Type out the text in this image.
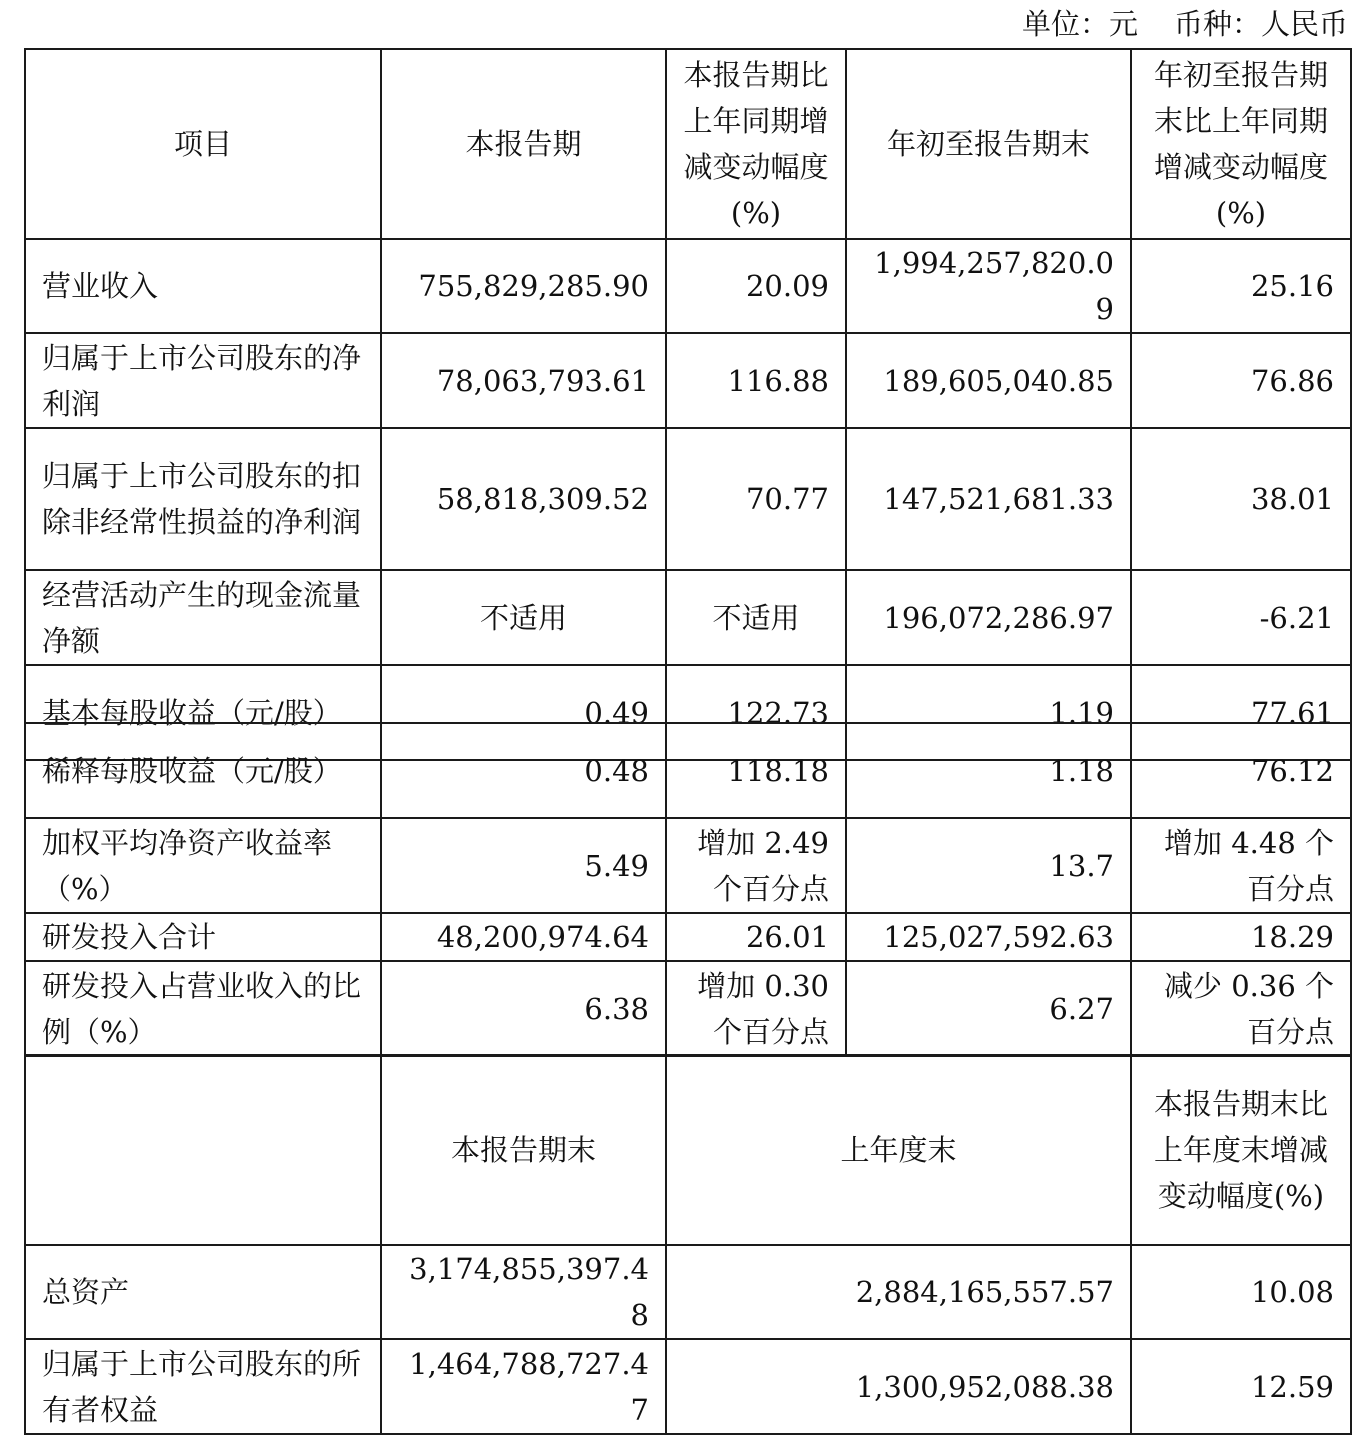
单位：元 币种：人民币
项目	本报告期	本报告期比上年同期增减变动幅度(%)	年初至报告期末	年初至报告期末比上年同期增减变动幅度(%)
营业收入	755,829,285.90	20.09	1,994,257,820.09	25.16
归属于上市公司股东的净利润	78,063,793.61	116.88	189,605,040.85	76.86
归属于上市公司股东的扣除非经常性损益的净利润	58,818,309.52	70.77	147,521,681.33	38.01
经营活动产生的现金流量净额	不适用	不适用	196,072,286.97	-6.21
基本每股收益（元/股）	0.49	122.73	1.19	77.61
稀释每股收益（元/股）	0.48	118.18	1.18	76.12
加权平均净资产收益率（%）	5.49	增加 2.49 个百分点	13.7	增加 4.48 个百分点
研发投入合计	48,200,974.64	26.01	125,027,592.63	18.29
研发投入占营业收入的比例（%）	6.38	增加 0.30 个百分点	6.27	减少 0.36 个百分点
	本报告期末	上年度末	本报告期末比上年度末增减变动幅度(%)
总资产	3,174,855,397.48	2,884,165,557.57	10.08
归属于上市公司股东的所有者权益	1,464,788,727.47	1,300,952,088.38	12.59
